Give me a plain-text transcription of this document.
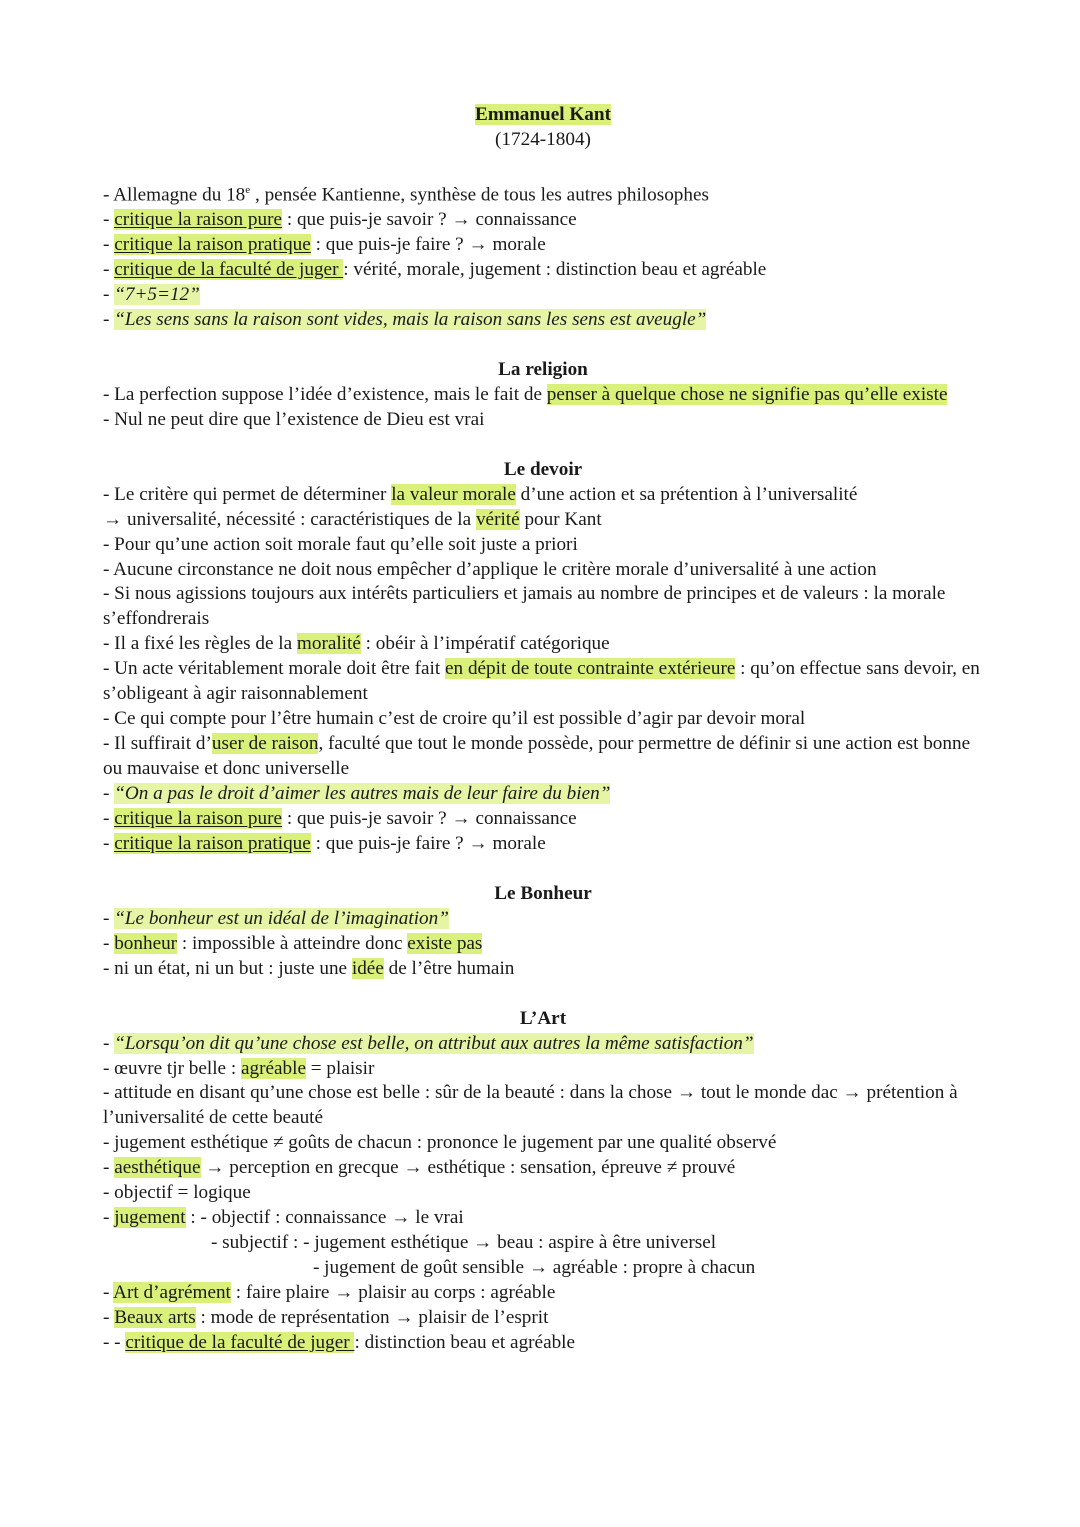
Emmanuel Kant
(1724-1804)
- Allemagne du 18e , pensée Kantienne, synthèse de tous les autres philosophes
- critique la raison pure : que puis-je savoir ? → connaissance
- critique la raison pratique : que puis-je faire ? → morale
- critique de la faculté de juger : vérité, morale, jugement : distinction beau et agréable
- “7+5=12”
- “Les sens sans la raison sont vides, mais la raison sans les sens est aveugle”
La religion
- La perfection suppose l’idée d’existence, mais le fait de penser à quelque chose ne signifie pas qu’elle existe
- Nul ne peut dire que l’existence de Dieu est vrai
Le devoir
- Le critère qui permet de déterminer la valeur morale d’une action et sa prétention à l’universalité
→ universalité, nécessité : caractéristiques de la vérité pour Kant
- Pour qu’une action soit morale faut qu’elle soit juste a priori
- Aucune circonstance ne doit nous empêcher d’applique le critère morale d’universalité à une action
- Si nous agissions toujours aux intérêts particuliers et jamais au nombre de principes et de valeurs : la morale s’effondrerais
- Il a fixé les règles de la moralité : obéir à l’impératif catégorique
- Un acte véritablement morale doit être fait en dépit de toute contrainte extérieure : qu’on effectue sans devoir, en s’obligeant à agir raisonnablement
- Ce qui compte pour l’être humain c’est de croire qu’il est possible d’agir par devoir moral
- Il suffirait d’user de raison, faculté que tout le monde possède, pour permettre de définir si une action est bonne ou mauvaise et donc universelle
- “On a pas le droit d’aimer les autres mais de leur faire du bien”
- critique la raison pure : que puis-je savoir ? → connaissance
- critique la raison pratique : que puis-je faire ? → morale
Le Bonheur
- “Le bonheur est un idéal de l’imagination”
- bonheur : impossible à atteindre donc existe pas
- ni un état, ni un but : juste une idée de l’être humain
L’Art
- “Lorsqu’on dit qu’une chose est belle, on attribut aux autres la même satisfaction”
- œuvre tjr belle : agréable = plaisir
- attitude en disant qu’une chose est belle : sûr de la beauté : dans la chose → tout le monde dac → prétention à l’universalité de cette beauté
- jugement esthétique ≠ goûts de chacun : prononce le jugement par une qualité observé
- aesthétique → perception en grecque → esthétique : sensation, épreuve ≠ prouvé
- objectif = logique
- jugement : - objectif : connaissance → le vrai
- subjectif : - jugement esthétique → beau : aspire à être universel
- jugement de goût sensible → agréable : propre à chacun
- Art d’agrément : faire plaire → plaisir au corps : agréable
- Beaux arts : mode de représentation → plaisir de l’esprit
- - critique de la faculté de juger : distinction beau et agréable
